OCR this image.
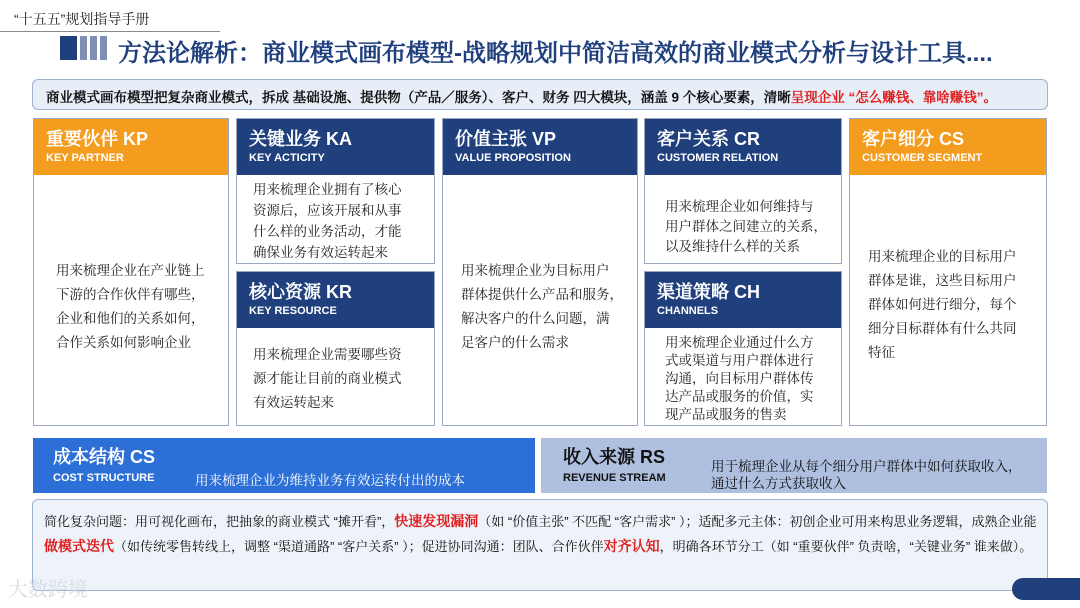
“十五五”规划指导手册
方法论解析：商业模式画布模型-战略规划中简洁高效的商业模式分析与设计工具....
商业模式画布模型把复杂商业模式，拆成 基础设施、提供物（产品／服务）、客户、财务 四大模块，涵盖 9 个核心要素，清晰呈现企业 “怎么赚钱、靠啥赚钱”。
重要伙伴 KP
KEY PARTNER
用来梳理企业在产业链上
下游的合作伙伴有哪些，
企业和他们的关系如何，
合作关系如何影响企业
关键业务 KA
KEY ACTICITY
用来梳理企业拥有了核心
资源后，应该开展和从事
什么样的业务活动，才能
确保业务有效运转起来
核心资源 KR
KEY RESOURCE
用来梳理企业需要哪些资
源才能让目前的商业模式
有效运转起来
价值主张 VP
VALUE PROPOSITION
用来梳理企业为目标用户
群体提供什么产品和服务，
解决客户的什么问题，满
足客户的什么需求
客户关系 CR
CUSTOMER RELATION
用来梳理企业如何维持与
用户群体之间建立的关系，
以及维持什么样的关系
渠道策略 CH
CHANNELS
用来梳理企业通过什么方
式或渠道与用户群体进行
沟通，向目标用户群体传
达产品或服务的价值，实
现产品或服务的售卖
客户细分 CS
CUSTOMER SEGMENT
用来梳理企业的目标用户
群体是谁，这些目标用户
群体如何进行细分，每个
细分目标群体有什么共同
特征
成本结构 CS
COST STRUCTURE	用来梳理企业为维持业务有效运转付出的成本
收入来源 RS
REVENUE STREAM
用于梳理企业从每个细分用户群体中如何获取收入，
通过什么方式获取收入
简化复杂问题：用可视化画布，把抽象的商业模式 “摊开看”，快速发现漏洞（如 “价值主张” 不匹配 “客户需求” ）；适配多元主体：初创企业可用来构思业务逻辑，成熟企业能做模式迭代（如传统零售转线上，调整 “渠道通路” “客户关系” ）；促进协同沟通：团队、合作伙伴对齐认知，明确各环节分工（如 “重要伙伴” 负责啥，“关键业务” 谁来做）。
大数跨境
